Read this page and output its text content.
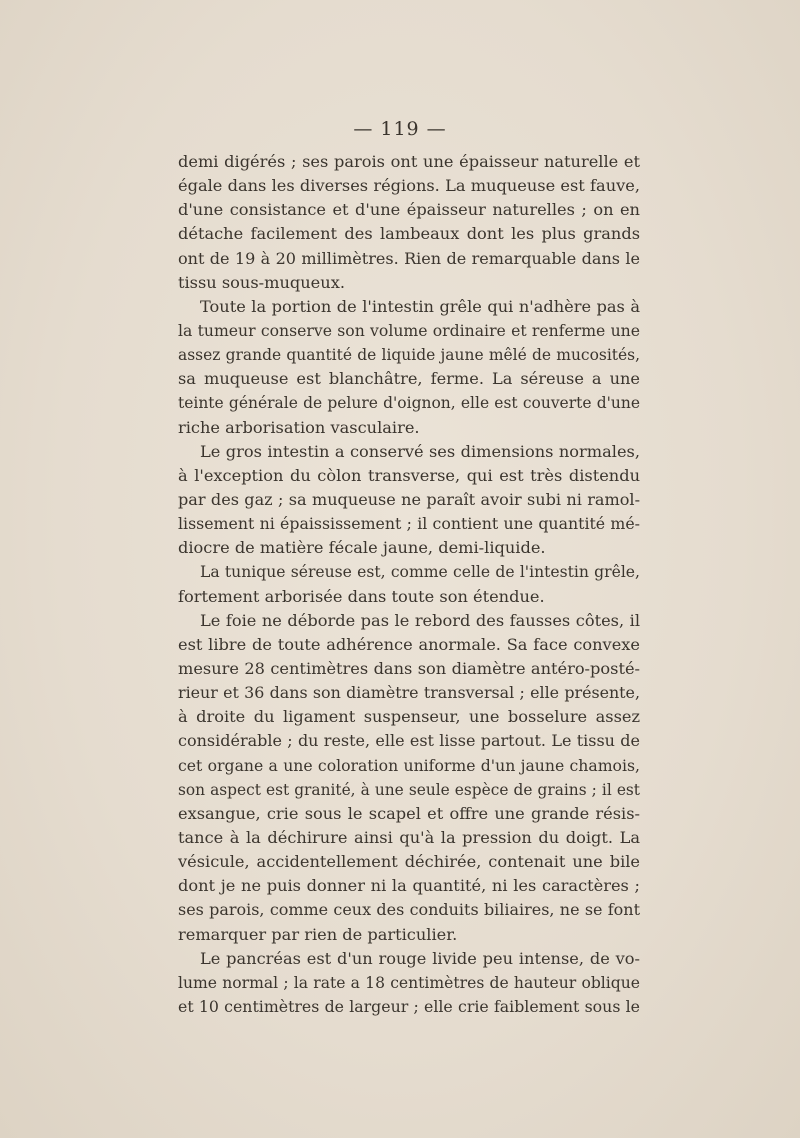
— 119 —
demi digérés ; ses parois ont une épaisseur naturelle et
égale dans les diverses régions. La muqueuse est fauve,
d'une consistance et d'une épaisseur naturelles ; on en
détache facilement des lambeaux dont les plus grands
ont de 19 à 20 millimètres. Rien de remarquable dans le
tissu sous-muqueux.
Toute la portion de l'intestin grêle qui n'adhère pas à
la tumeur conserve son volume ordinaire et renferme une
assez grande quantité de liquide jaune mêlé de mucosités,
sa muqueuse est blanchâtre, ferme. La séreuse a une
teinte générale de pelure d'oignon, elle est couverte d'une
riche arborisation vasculaire.
Le gros intestin a conservé ses dimensions normales,
à l'exception du còlon transverse, qui est très distendu
par des gaz ; sa muqueuse ne paraît avoir subi ni ramol-
lissement ni épaississement ; il contient une quantité mé-
diocre de matière fécale jaune, demi-liquide.
La tunique séreuse est, comme celle de l'intestin grêle,
fortement arborisée dans toute son étendue.
Le foie ne déborde pas le rebord des fausses côtes, il
est libre de toute adhérence anormale. Sa face convexe
mesure 28 centimètres dans son diamètre antéro-posté-
rieur et 36 dans son diamètre transversal ; elle présente,
à droite du ligament suspenseur, une bosselure assez
considérable ; du reste, elle est lisse partout. Le tissu de
cet organe a une coloration uniforme d'un jaune chamois,
son aspect est granité, à une seule espèce de grains ; il est
exsangue, crie sous le scapel et offre une grande résis-
tance à la déchirure ainsi qu'à la pression du doigt. La
vésicule, accidentellement déchirée, contenait une bile
dont je ne puis donner ni la quantité, ni les caractères ;
ses parois, comme ceux des conduits biliaires, ne se font
remarquer par rien de particulier.
Le pancréas est d'un rouge livide peu intense, de vo-
lume normal ; la rate a 18 centimètres de hauteur oblique
et 10 centimètres de largeur ; elle crie faiblement sous le
